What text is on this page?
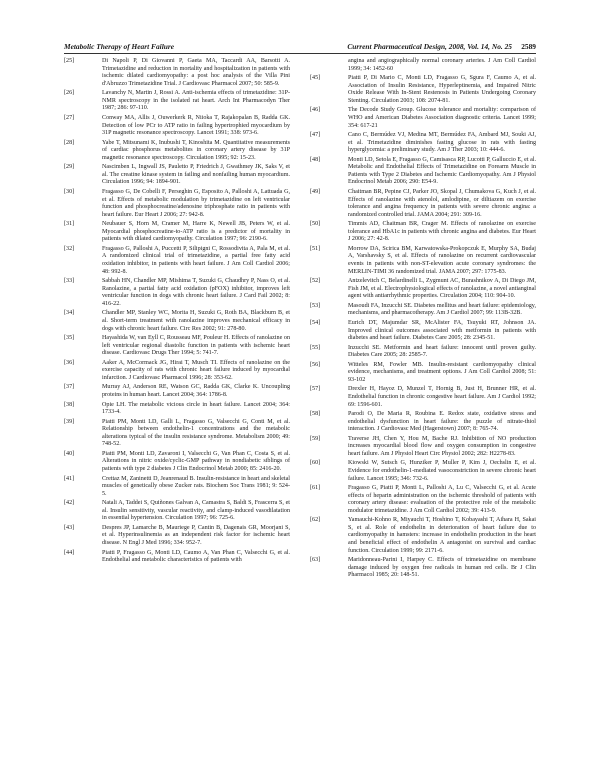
Metabolic Therapy of Heart Failure	Current Pharmaceutical Design, 2008, Vol. 14, No. 25 2589
[25]	Di Napoli P, Di Giovanni P, Gaeta MA, Taccardi AA, Barsotti A. Trimetazidine and reduction in mortality and hospitalization in patients with ischemic dilated cardiomyopathy: a post hoc analysis of the Villa Pini d'Abruzzo Trimetazidine Trial. J Cardiovasc Pharmacol 2007; 50: 585-9.
[26]	Lavanchy N, Martin J, Rossi A. Anti-ischemia effects of trimetazidine: 31P-NMR spectroscopy in the isolated rat heart. Arch Int Pharmacodyn Ther 1987; 286: 97-110.
[27]	Conway MA, Allis J, Ouwerkerk R, Niioka T, Rajakopalan B, Radda GK. Detection of low PCr to ATP ratio in failing hypertrophied myocardium by 31P magnetic resonance spectroscopy. Lancet 1991; 338: 973-6.
[28]	Yabe T, Mitsunami K, Inubushi T, Kinoshita M. Quantitative measurements of cardiac phosphorus metabolites in coronary artery disease by 31P magnetic resonance spectroscopy. Circulation 1995; 92: 15-23.
[29]	Nascimben L, Ingwall JS, Pauletto P, Friedrich J, Gwathmey JK, Saks V, et al. The creatine kinase system in failing and nonfailing human myocardium. Circulation 1996; 94: 1894-901.
[30]	Fragasso G, De Cobelli F, Perseghin G, Esposito A, Palloshi A, Lattuada G, et al. Effects of metabolic modulation by trimetazidine on left ventricular function and phosphocreatine/adenosine triphosphate ratio in patients with heart failure. Eur Heart J 2006; 27: 942-8.
[31]	Neubauer S, Horn M, Cramer M, Harre K, Newell JB, Peters W, et al. Myocardial phosphocreatine-to-ATP ratio is a predictor of mortality in patients with dilated cardiomyopathy. Circulation 1997; 96: 2190-6.
[32]	Fragasso G, Palloshi A, Puccetti P, Silipigni C, Rossodivita A, Pala M, et al. A randomized clinical trial of trimetazidine, a partial free fatty acid oxidation inhibitor, in patients with heart failure. J Am Coll Cardiol 2006; 48: 992-8.
[33]	Sabbah HN, Chandler MP, Mishima T, Suzuki G, Chaudhry P, Nass O, et al. Ranolazine, a partial fatty acid oxidation (pFOX) inhibitor, improves left ventricular function in dogs with chronic heart failure. J Card Fail 2002; 8: 416-22.
[34]	Chandler MP, Stanley WC, Morita H, Suzuki G, Roth BA, Blackburn B, et al. Short-term treatment with ranolazine improves mechanical efficacy in dogs with chronic heart failure. Circ Res 2002; 91: 278-80.
[35]	Hayashida W, van Eyll C, Rousseau MF, Pouleur H. Effects of ranolazine on left ventricular regional diastolic function in patients with ischemic heart disease. Cardiovasc Drugs Ther 1994; 5: 741-7.
[36]	Aaker A, McCormack JG, Hirai T, Musch TI. Effects of ranolazine on the exercise capacity of rats with chronic heart failure induced by myocardial infarction. J Cardiovasc Pharmacol 1996; 28: 353-62.
[37]	Murray AJ, Anderson RE, Watson GC, Radda GK, Clarke K. Uncoupling proteins in human heart. Lancet 2004; 364: 1786-8.
[38]	Opie LH. The metabolic vicious circle in heart failure. Lancet 2004; 364: 1733-4.
[39]	Piatti PM, Monti LD, Galli L, Fragasso G, Valsecchi G, Conti M, et al. Relationship between endothelin-1 concentrations and the metabolic alterations typical of the insulin resistance syndrome. Metabolism 2000; 49: 748-52.
[40]	Piatti PM, Monti LD, Zavaroni I, Valsecchi G, Van Phan C, Costa S, et al. Alterations in nitric oxide/cyclic-GMP pathway in nondiabetic siblings of patients with type 2 diabetes J Clin Endocrinol Metab 2000; 85: 2416-20.
[41]	Crettaz M, Zaninetti D, Jeanrenaud B. Insulin-resistance in heart and skeletal muscles of genetically obese Zucker rats. Biochem Soc Trans 1981; 9: 524-5.
[42]	Natali A, Taddei S, Quiñones Galvan A, Camastra S, Baldi S, Frascerra S, et al. Insulin sensitivity, vascular reactivity, and clamp-induced vasodilatation in essential hypertension. Circulation 1997; 96: 725-6.
[43]	Despres JP, Lamarche B, Mauriege P, Cantin B, Dagenais GR, Moorjani S, et al. Hyperinsulinemia as an independent risk factor for ischemic heart disease. N Engl J Med 1996; 334: 952-7.
[44]	Piatti P, Fragasso G, Monti LD, Caumo A, Van Phan C, Valsecchi G, et al. Endothelial and metabolic characteristics of patients with
angina and angiographically normal coronary arteries. J Am Coll Cardiol 1999; 34: 1452-60
[45]	Piatti P, Di Mario C, Monti LD, Fragasso G, Sgura F, Caumo A, et al. Association of Insulin Resistance, Hyperleptinemia, and Impaired Nitric Oxide Release With In-Stent Restenosis in Patients Undergoing Coronary Stenting. Circulation 2003; 108: 2074-81.
[46]	The Decode Study Group. Glucose tolerance and mortality: comparison of WHO and American Diabetes Association diagnostic criteria. Lancet 1999; 354: 617-21
[47]	Cano C, Bermúdez VJ, Medina MT, Bermúdez FA, Ambard MJ, Souki AJ, et al. Trimetazidine diminishes fasting glucose in rats with fasting hyperglycemia: a preliminary study. Am J Ther 2003; 10: 444-6.
[48]	Monti LD, Setola E, Fragasso G, Camisasca RP, Lucotti P, Galluccio E, et al. Metabolic and Endothelial Effects of Trimetazidine on Forearm Muscle in Patients with Type 2 Diabetes and Ischemic Cardiomyopathy. Am J Physiol Endocrinol Metab 2006; 290: E54-9.
[49]	Chaitman BR, Pepine CJ, Parker JO, Skopal J, Chumakova G, Kuch J, et al. Effects of ranolazine with atenolol, amlodipine, or diltiazem on exercise tolerance and angina frequency in patients with severe chronic angina: a randomized controlled trial. JAMA 2004; 291: 309-16.
[50]	Timmis AD, Chaitman BR, Crager M. Effects of ranolazine on exercise tolerance and HbA1c in patients with chronic angina and diabetes. Eur Heart J 2006; 27: 42-8.
[51]	Morrow DA, Scirica BM, Karwatowska-Prokopczuk E, Murphy SA, Budaj A, Varshavsky S, et al. Effects of ranolazine on recurrent cardiovascular events in patients with non-ST-elevation acute coronary syndromes: the MERLIN-TIMI 36 randomized trial. JAMA 2007; 297: 1775-83.
[52]	Antzelevitch C, Belardinelli L, Zygmunt AC, Burashnikov A, Di Diego JM, Fish JM, et al. Electrophysiological effects of ranolazine, a novel antianginal agent with antiarrhythmic properties. Circulation 2004; 110: 904-10.
[53]	Masoudi FA, Inzucchi SE. Diabetes mellitus and heart failure: epidemiology, mechanisms, and pharmacotherapy. Am J Cardiol 2007; 99: 113B-32B.
[54]	Eurich DT, Majumdar SR, McAlister FA, Tsuyuki RT, Johnson JA. Improved clinical outcomes associated with metformin in patients with diabetes and heart failure. Diabetes Care 2005; 28: 2345-51.
[55]	Inzucchi SE. Metformin and heart failure: innocent until proven guilty. Diabetes Care 2005; 28: 2585-7.
[56]	Witteles RM, Fowler MB. Insulin-resistant cardiomyopathy clinical evidence, mechanisms, and treatment options. J Am Coll Cardiol 2008; 51: 93-102
[57]	Drexler H, Hayoz D, Munzel T, Hornig B, Just H, Brunner HR, et al. Endothelial function in chronic congestive heart failure. Am J Cardiol 1992; 69: 1596-601.
[58]	Parodi O, De Maria R, Roubina E. Redox state, oxidative stress and endothelial dysfunction in heart failure: the puzzle of nitrate-thiol interaction. J Cardiovasc Med (Hagerstown) 2007; 8: 765-74.
[59]	Traverse JH, Chen Y, Hou M, Bache RJ. Inhibition of NO production increases myocardial blood flow and oxygen consumption in congestive heart failure. Am J Physiol Heart Circ Physiol 2002; 282: H2278-83.
[60]	Kiowski W, Sutsch G, Hunziker P, Muller P, Kim J, Oechslin E, et al. Evidence for endothelin-1-mediated vasoconstriction in severe chronic heart failure. Lancet 1995; 346: 732-6.
[61]	Fragasso G, Piatti P, Monti L, Palloshi A, Lu C, Valsecchi G, et al. Acute effects of heparin administration on the ischemic threshold of patients with coronary artery disease: evaluation of the protective role of the metabolic modulator trimetazidine. J Am Coll Cardiol 2002; 39: 413-9.
[62]	Yamauchi-Kohno R, Miyauchi T, Hoshino T, Kobayashi T, Aihara H, Sakai S, et al. Role of endothelin in deterioration of heart failure due to cardiomyopathy in hamsters: increase in endothelin production in the heart and beneficial effect of endothelin A antagonist on survival and cardiac function. Circulation 1999; 99: 2171-6.
[63]	Maridonneau-Parini I, Harpey C. Effects of trimetazidine on membrane damage induced by oxygen free radicals in human red cells. Br J Clin Pharmacol 1985; 20: 148-51.
